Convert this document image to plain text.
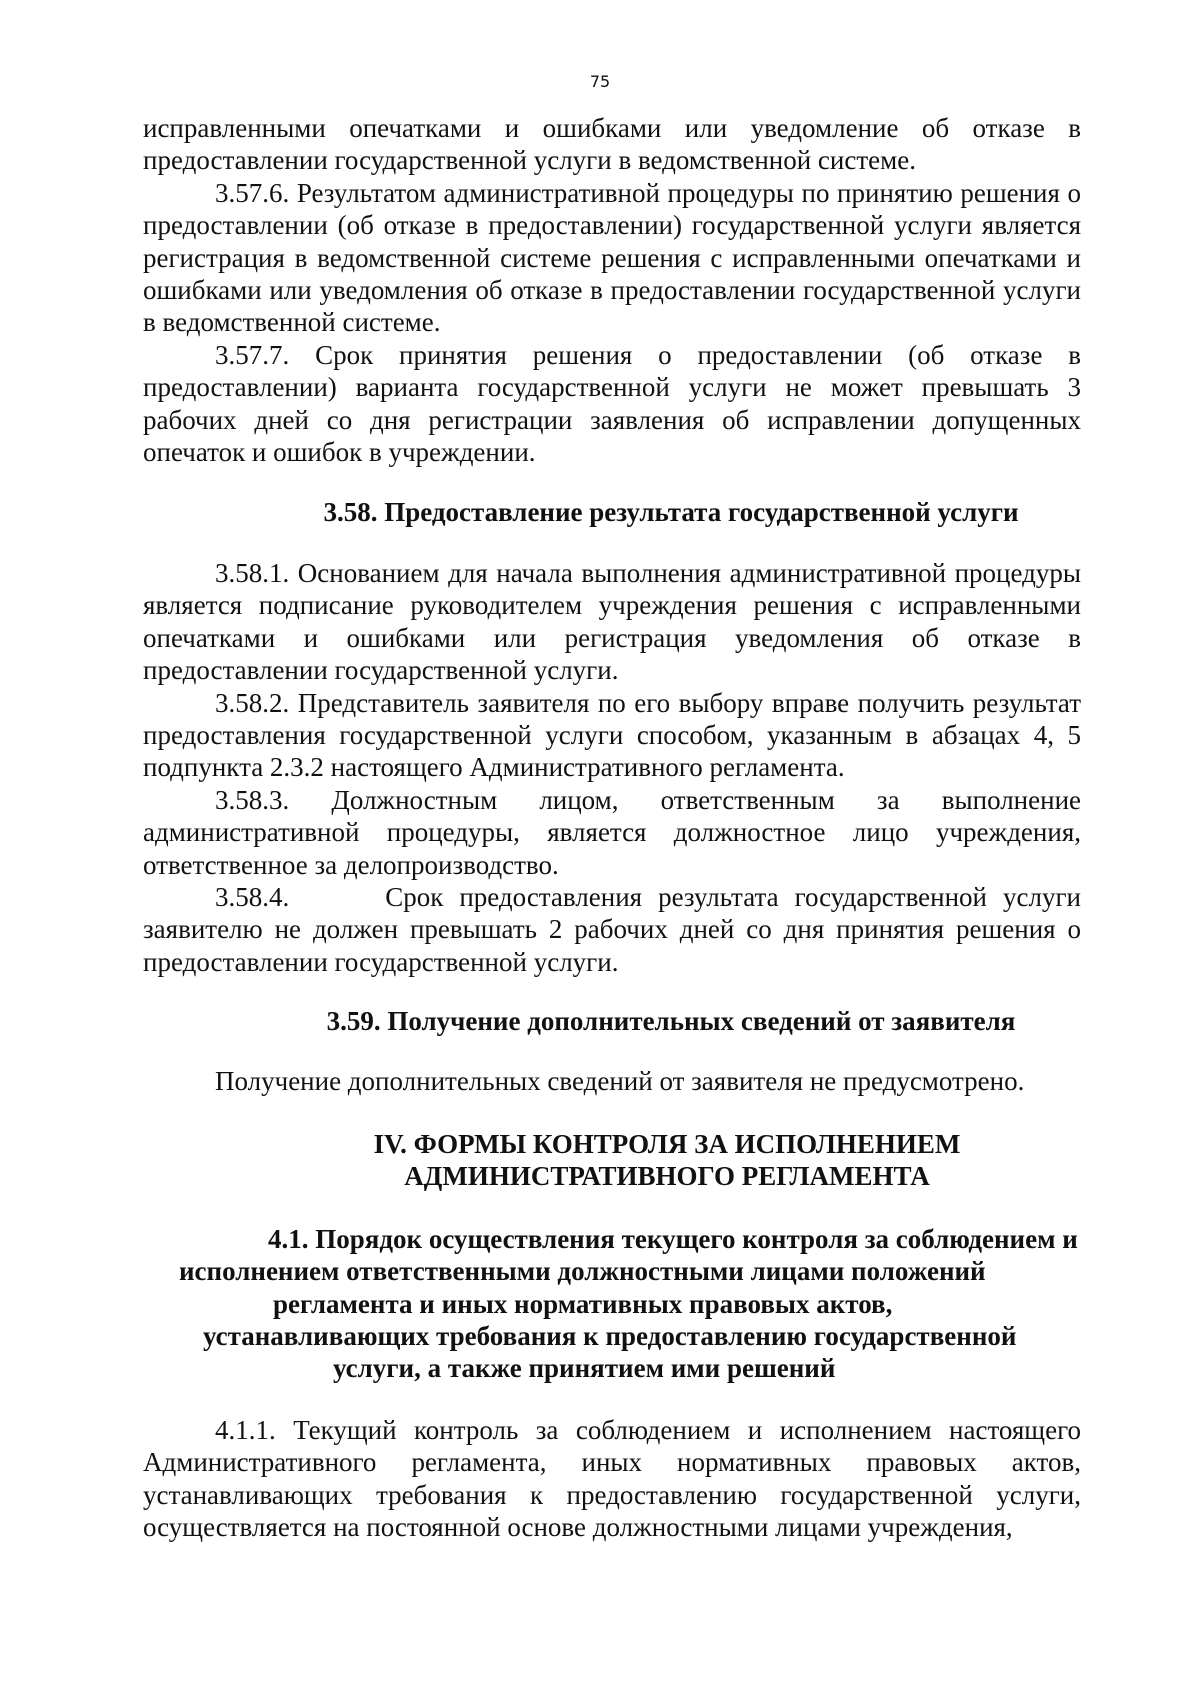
75

исправленными опечатками и ошибками или уведомление об отказе в предоставлении государственной услуги в ведомственной системе.

3.57.6. Результатом административной процедуры по принятию решения о предоставлении (об отказе в предоставлении) государственной услуги является регистрация в ведомственной системе решения с исправленными опечатками и ошибками или уведомления об отказе в предоставлении государственной услуги в ведомственной системе.

3.57.7. Срок принятия решения о предоставлении (об отказе в предоставлении) варианта государственной услуги не может превышать 3 рабочих дней со дня регистрации заявления об исправлении допущенных опечаток и ошибок в учреждении.

3.58. Предоставление результата государственной услуги

3.58.1. Основанием для начала выполнения административной процедуры является подписание руководителем учреждения решения с исправленными опечатками и ошибками или регистрация уведомления об отказе в предоставлении государственной услуги.

3.58.2. Представитель заявителя по его выбору вправе получить результат предоставления государственной услуги способом, указанным в абзацах 4, 5 подпункта 2.3.2 настоящего Административного регламента.

3.58.3. Должностным лицом, ответственным за выполнение административной процедуры, является должностное лицо учреждения, ответственное за делопроизводство.

3.58.4.      Срок предоставления результата государственной услуги заявителю не должен превышать 2 рабочих дней со дня принятия решения о предоставлении государственной услуги.

3.59. Получение дополнительных сведений от заявителя

Получение дополнительных сведений от заявителя не предусмотрено.

IV. ФОРМЫ КОНТРОЛЯ ЗА ИСПОЛНЕНИЕМ
АДМИНИСТРАТИВНОГО РЕГЛАМЕНТА
4.1. Порядок осуществления текущего контроля за соблюдением и
исполнением ответственными должностными лицами положений
регламента и иных нормативных правовых актов,
устанавливающих требования к предоставлению государственной
услуги, а также принятием ими решений

4.1.1. Текущий контроль за соблюдением и исполнением настоящего Административного регламента, иных нормативных правовых актов, устанавливающих требования к предоставлению государственной услуги, осуществляется на постоянной основе должностными лицами учреждения,
